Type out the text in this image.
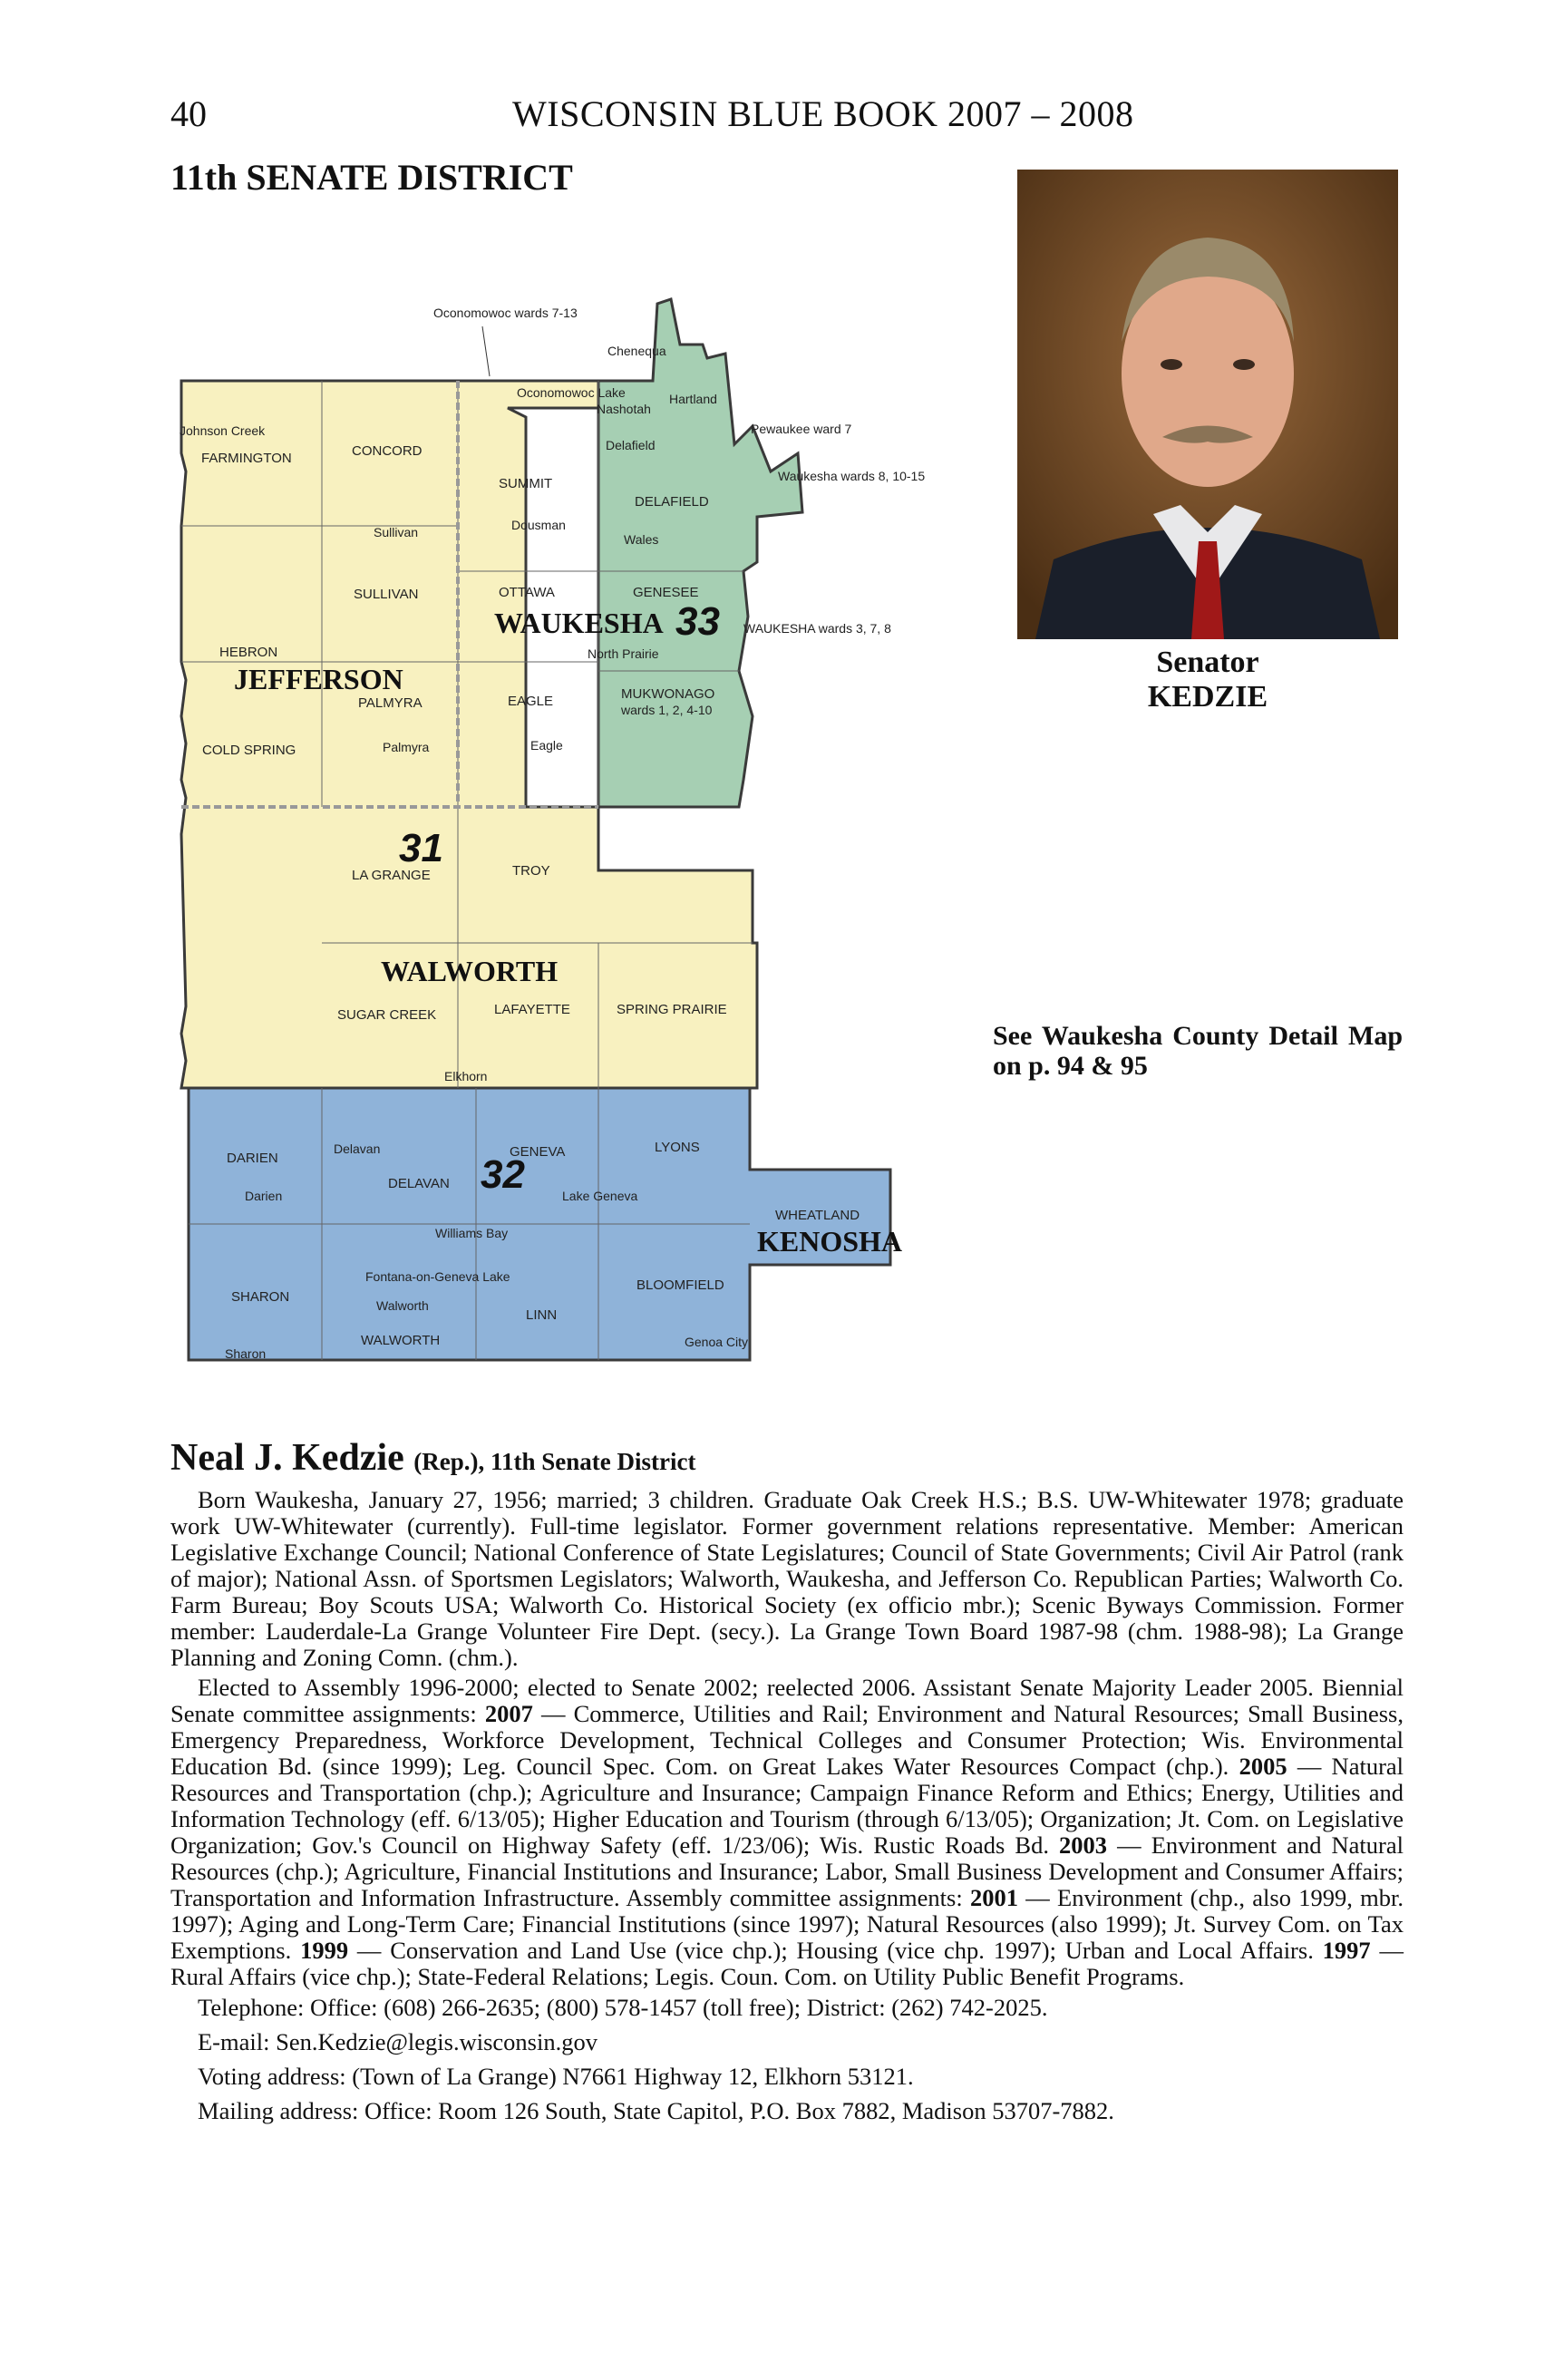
40	WISCONSIN BLUE BOOK 2007 – 2008
11th SENATE DISTRICT
WAUKESHA
JEFFERSON
WALWORTH
KENOSHA
31
32
33
FARMINGTON	CONCORD
SUMMIT
DELAFIELD
SULLIVAN	OTTAWA	GENESEE
HEBRON
PALMYRA	EAGLE	MUKWONAGO
COLD SPRING
LA GRANGE	TROY
SUGAR CREEK	LAFAYETTE	SPRING PRAIRIE
DARIEN
DELAVAN
GENEVA	LYONS
WHEATLAND
SHARON
WALWORTH
LINN
BLOOMFIELD
Johnson Creek
Oconomowoc Lake
Nashotah
Hartland
Delafield
Chenequa
Sullivan	Dousman
Wales
North Prairie
Palmyra	Eagle
Elkhorn
Delavan
Darien	Lake Geneva
Williams Bay
Fontana-on-Geneva Lake
Walworth
Sharon
Genoa City
Oconomowoc wards 7-13
Pewaukee ward 7
Waukesha wards 8, 10-15
WAUKESHA wards 3, 7, 8
wards 1, 2, 4-10
Senator
KEDZIE
See Waukesha County Detail Map on p. 94 & 95
Neal J. Kedzie (Rep.), 11th Senate District

Born Waukesha, January 27, 1956; married; 3 children. Graduate Oak Creek H.S.; B.S. UW-Whitewater 1978; graduate work UW-Whitewater (currently). Full-time legislator. Former government relations representative. Member: American Legislative Exchange Council; National Conference of State Legislatures; Council of State Governments; Civil Air Patrol (rank of major); National Assn. of Sportsmen Legislators; Walworth, Waukesha, and Jefferson Co. Republican Parties; Walworth Co. Farm Bureau; Boy Scouts USA; Walworth Co. Historical Society (ex officio mbr.); Scenic Byways Commission. Former member: Lauderdale-La Grange Volunteer Fire Dept. (secy.). La Grange Town Board 1987-98 (chm. 1988-98); La Grange Planning and Zoning Comn. (chm.).

Elected to Assembly 1996-2000; elected to Senate 2002; reelected 2006. Assistant Senate Majority Leader 2005. Biennial Senate committee assignments: 2007 — Commerce, Utilities and Rail; Environment and Natural Resources; Small Business, Emergency Preparedness, Workforce Development, Technical Colleges and Consumer Protection; Wis. Environmental Education Bd. (since 1999); Leg. Council Spec. Com. on Great Lakes Water Resources Compact (chp.). 2005 — Natural Resources and Transportation (chp.); Agriculture and Insurance; Campaign Finance Reform and Ethics; Energy, Utilities and Information Technology (eff. 6/13/05); Higher Education and Tourism (through 6/13/05); Organization; Jt. Com. on Legislative Organization; Gov.'s Council on Highway Safety (eff. 1/23/06); Wis. Rustic Roads Bd. 2003 — Environment and Natural Resources (chp.); Agriculture, Financial Institutions and Insurance; Labor, Small Business Development and Consumer Affairs; Transportation and Information Infrastructure. Assembly committee assignments: 2001 — Environment (chp., also 1999, mbr. 1997); Aging and Long-Term Care; Financial Institutions (since 1997); Natural Resources (also 1999); Jt. Survey Com. on Tax Exemptions. 1999 — Conservation and Land Use (vice chp.); Housing (vice chp. 1997); Urban and Local Affairs. 1997 — Rural Affairs (vice chp.); State-Federal Relations; Legis. Coun. Com. on Utility Public Benefit Programs.

Telephone: Office: (608) 266-2635; (800) 578-1457 (toll free); District: (262) 742-2025.
E-mail: Sen.Kedzie@legis.wisconsin.gov
Voting address: (Town of La Grange) N7661 Highway 12, Elkhorn 53121.
Mailing address: Office: Room 126 South, State Capitol, P.O. Box 7882, Madison 53707-7882.
